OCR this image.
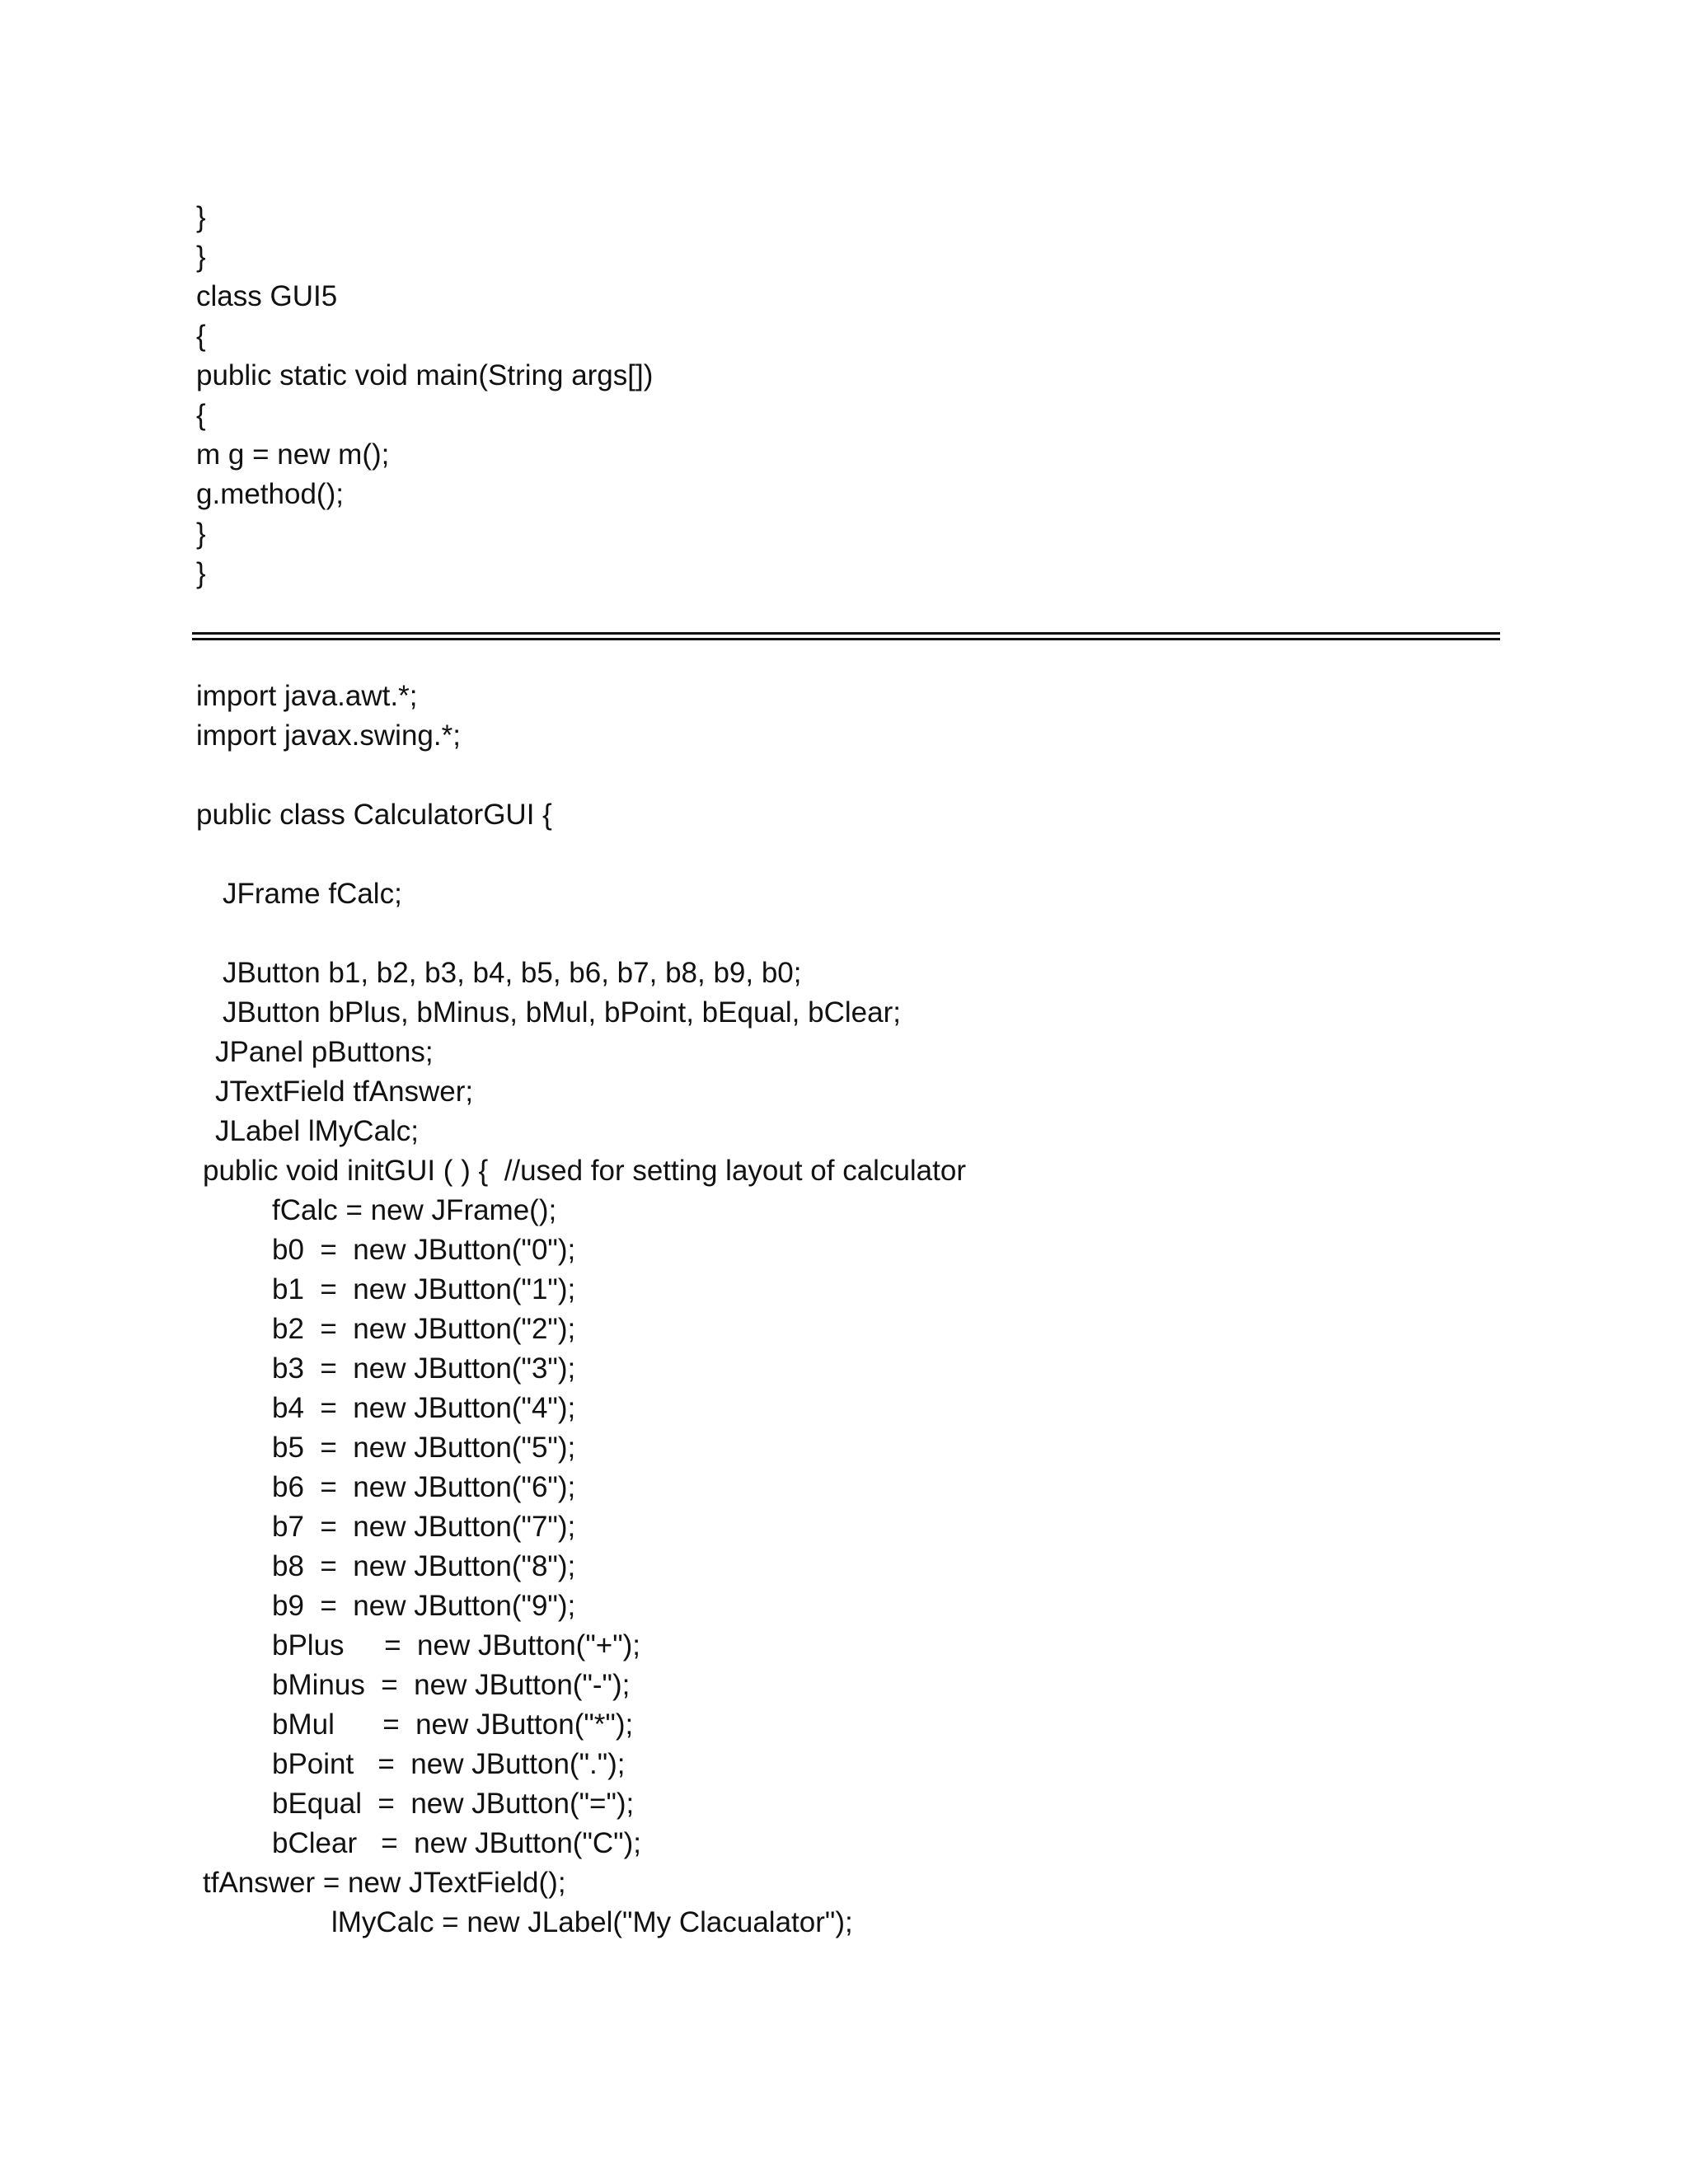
}
}
class GUI5
{
public static void main(String args[])
{
m g = new m();
g.method();
}
}
import java.awt.*;
import javax.swing.*;
public class CalculatorGUI {
JFrame fCalc;
JButton b1, b2, b3, b4, b5, b6, b7, b8, b9, b0;
JButton bPlus, bMinus, bMul, bPoint, bEqual, bClear;
JPanel pButtons;
JTextField tfAnswer;
JLabel lMyCalc;
public void initGUI ( ) {  //used for setting layout of calculator
fCalc = new JFrame();
b0  =  new JButton("0");
b1  =  new JButton("1");
b2  =  new JButton("2");
b3  =  new JButton("3");
b4  =  new JButton("4");
b5  =  new JButton("5");
b6  =  new JButton("6");
b7  =  new JButton("7");
b8  =  new JButton("8");
b9  =  new JButton("9");
bPlus     =  new JButton("+");
bMinus  =  new JButton("-");
bMul      =  new JButton("*");
bPoint   =  new JButton(".");
bEqual  =  new JButton("=");
bClear   =  new JButton("C");
tfAnswer = new JTextField();
lMyCalc = new JLabel("My Clacualator");
